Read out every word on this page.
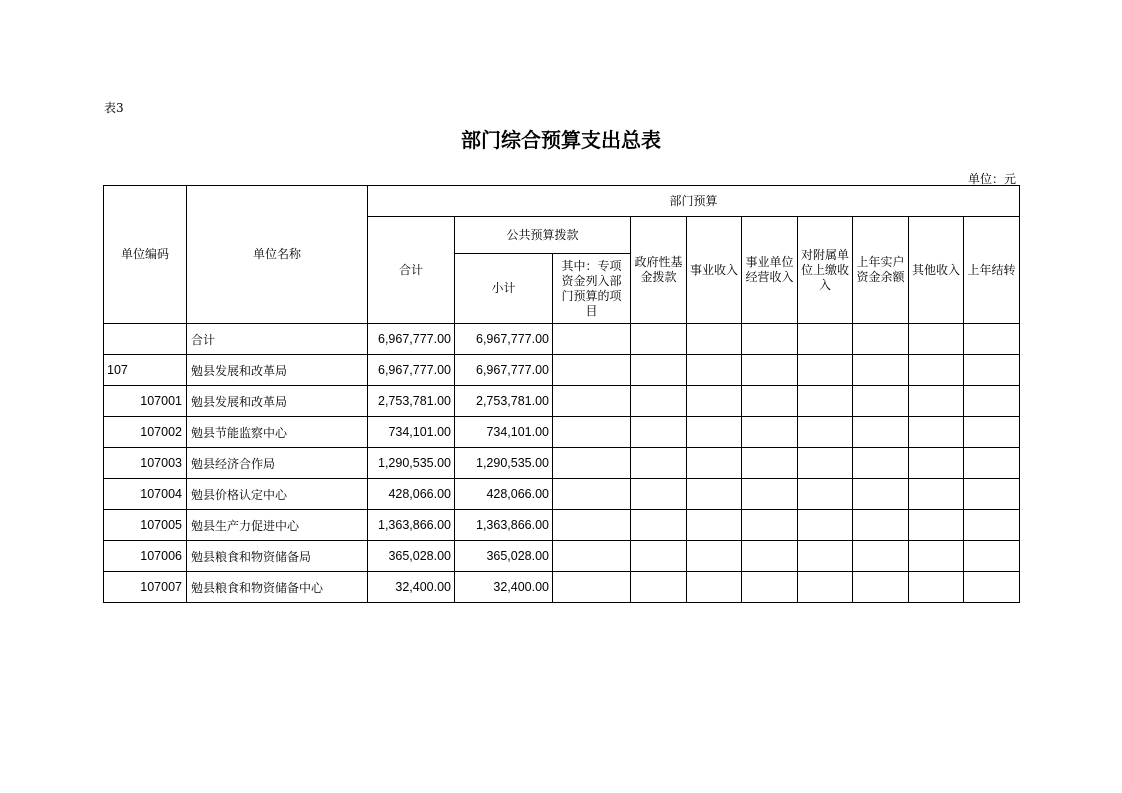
表3
部门综合预算支出总表
单位：元
单位编码	单位名称	部门预算									
		合计	公共预算拨款		政府性基金拨款	事业收入	事业单位经营收入	对附属单位上缴收入	上年实户资金余额	其他收入	上年结转
			小计	其中：专项资金列入部门预算的项目							
	合计	6,967,777.00	6,967,777.00								
107	勉县发展和改革局	6,967,777.00	6,967,777.00								
107001	勉县发展和改革局	2,753,781.00	2,753,781.00								
107002	勉县节能监察中心	734,101.00	734,101.00								
107003	勉县经济合作局	1,290,535.00	1,290,535.00								
107004	勉县价格认定中心	428,066.00	428,066.00								
107005	勉县生产力促进中心	1,363,866.00	1,363,866.00								
107006	勉县粮食和物资储备局	365,028.00	365,028.00								
107007	勉县粮食和物资储备中心	32,400.00	32,400.00								
